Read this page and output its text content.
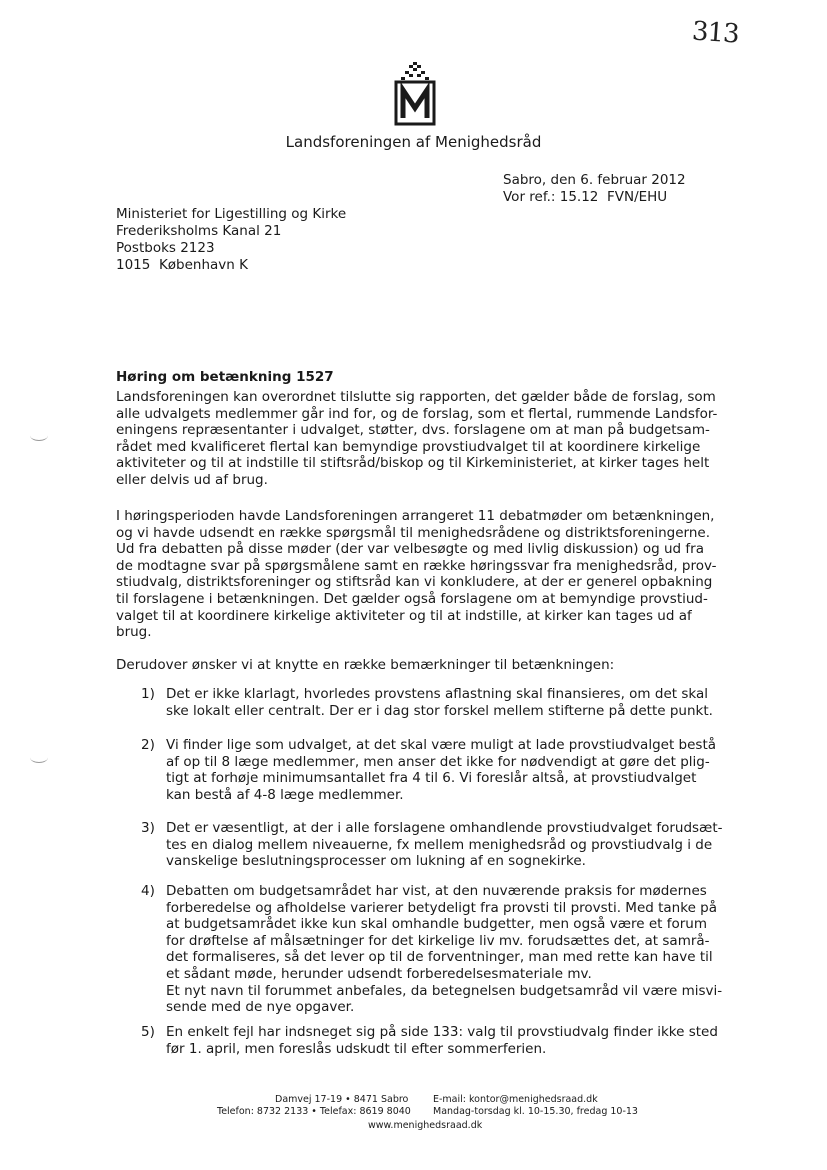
313
Landsforeningen af Menighedsråd
Sabro, den 6. februar 2012
Vor ref.: 15.12  FVN/EHU
Ministeriet for Ligestilling og Kirke
Frederiksholms Kanal 21
Postboks 2123
1015  København K
Høring om betænkning 1527
Landsforeningen kan overordnet tilslutte sig rapporten, det gælder både de forslag, som
alle udvalgets medlemmer går ind for, og de forslag, som et flertal, rummende Landsfor-
eningens repræsentanter i udvalget, støtter, dvs. forslagene om at man på budgetsam-
rådet med kvalificeret flertal kan bemyndige provstiudvalget til at koordinere kirkelige
aktiviteter og til at indstille til stiftsråd/biskop og til Kirkeministeriet, at kirker tages helt
eller delvis ud af brug.
I høringsperioden havde Landsforeningen arrangeret 11 debatmøder om betænkningen,
og vi havde udsendt en række spørgsmål til menighedsrådene og distriktsforeningerne.
Ud fra debatten på disse møder (der var velbesøgte og med livlig diskussion) og ud fra
de modtagne svar på spørgsmålene samt en række høringssvar fra menighedsråd, prov-
stiudvalg, distriktsforeninger og stiftsråd kan vi konkludere, at der er generel opbakning
til forslagene i betænkningen. Det gælder også forslagene om at bemyndige provstiud-
valget til at koordinere kirkelige aktiviteter og til at indstille, at kirker kan tages ud af
brug.
Derudover ønsker vi at knytte en række bemærkninger til betænkningen:
1) Det er ikke klarlagt, hvorledes provstens aflastning skal finansieres, om det skal
ske lokalt eller centralt. Der er i dag stor forskel mellem stifterne på dette punkt.
2) Vi finder lige som udvalget, at det skal være muligt at lade provstiudvalget bestå
af op til 8 læge medlemmer, men anser det ikke for nødvendigt at gøre det plig-
tigt at forhøje minimumsantallet fra 4 til 6. Vi foreslår altså, at provstiudvalget
kan bestå af 4-8 læge medlemmer.
3) Det er væsentligt, at der i alle forslagene omhandlende provstiudvalget forudsæt-
tes en dialog mellem niveauerne, fx mellem menighedsråd og provstiudvalg i de
vanskelige beslutningsprocesser om lukning af en sognekirke.
4) Debatten om budgetsamrådet har vist, at den nuværende praksis for mødernes
forberedelse og afholdelse varierer betydeligt fra provsti til provsti. Med tanke på
at budgetsamrådet ikke kun skal omhandle budgetter, men også være et forum
for drøftelse af målsætninger for det kirkelige liv mv. forudsættes det, at samrå-
det formaliseres, så det lever op til de forventninger, man med rette kan have til
et sådant møde, herunder udsendt forberedelsesmateriale mv.
Et nyt navn til forummet anbefales, da betegnelsen budgetsamråd vil være misvi-
sende med de nye opgaver.
5) En enkelt fejl har indsneget sig på side 133: valg til provstiudvalg finder ikke sted
før 1. april, men foreslås udskudt til efter sommerferien.
Damvej 17-19 • 8471 Sabro	E-mail: kontor@menighedsraad.dk
Telefon: 8732 2133 • Telefax: 8619 8040 Mandag-torsdag kl. 10-15.30, fredag 10-13
www.menighedsraad.dk
